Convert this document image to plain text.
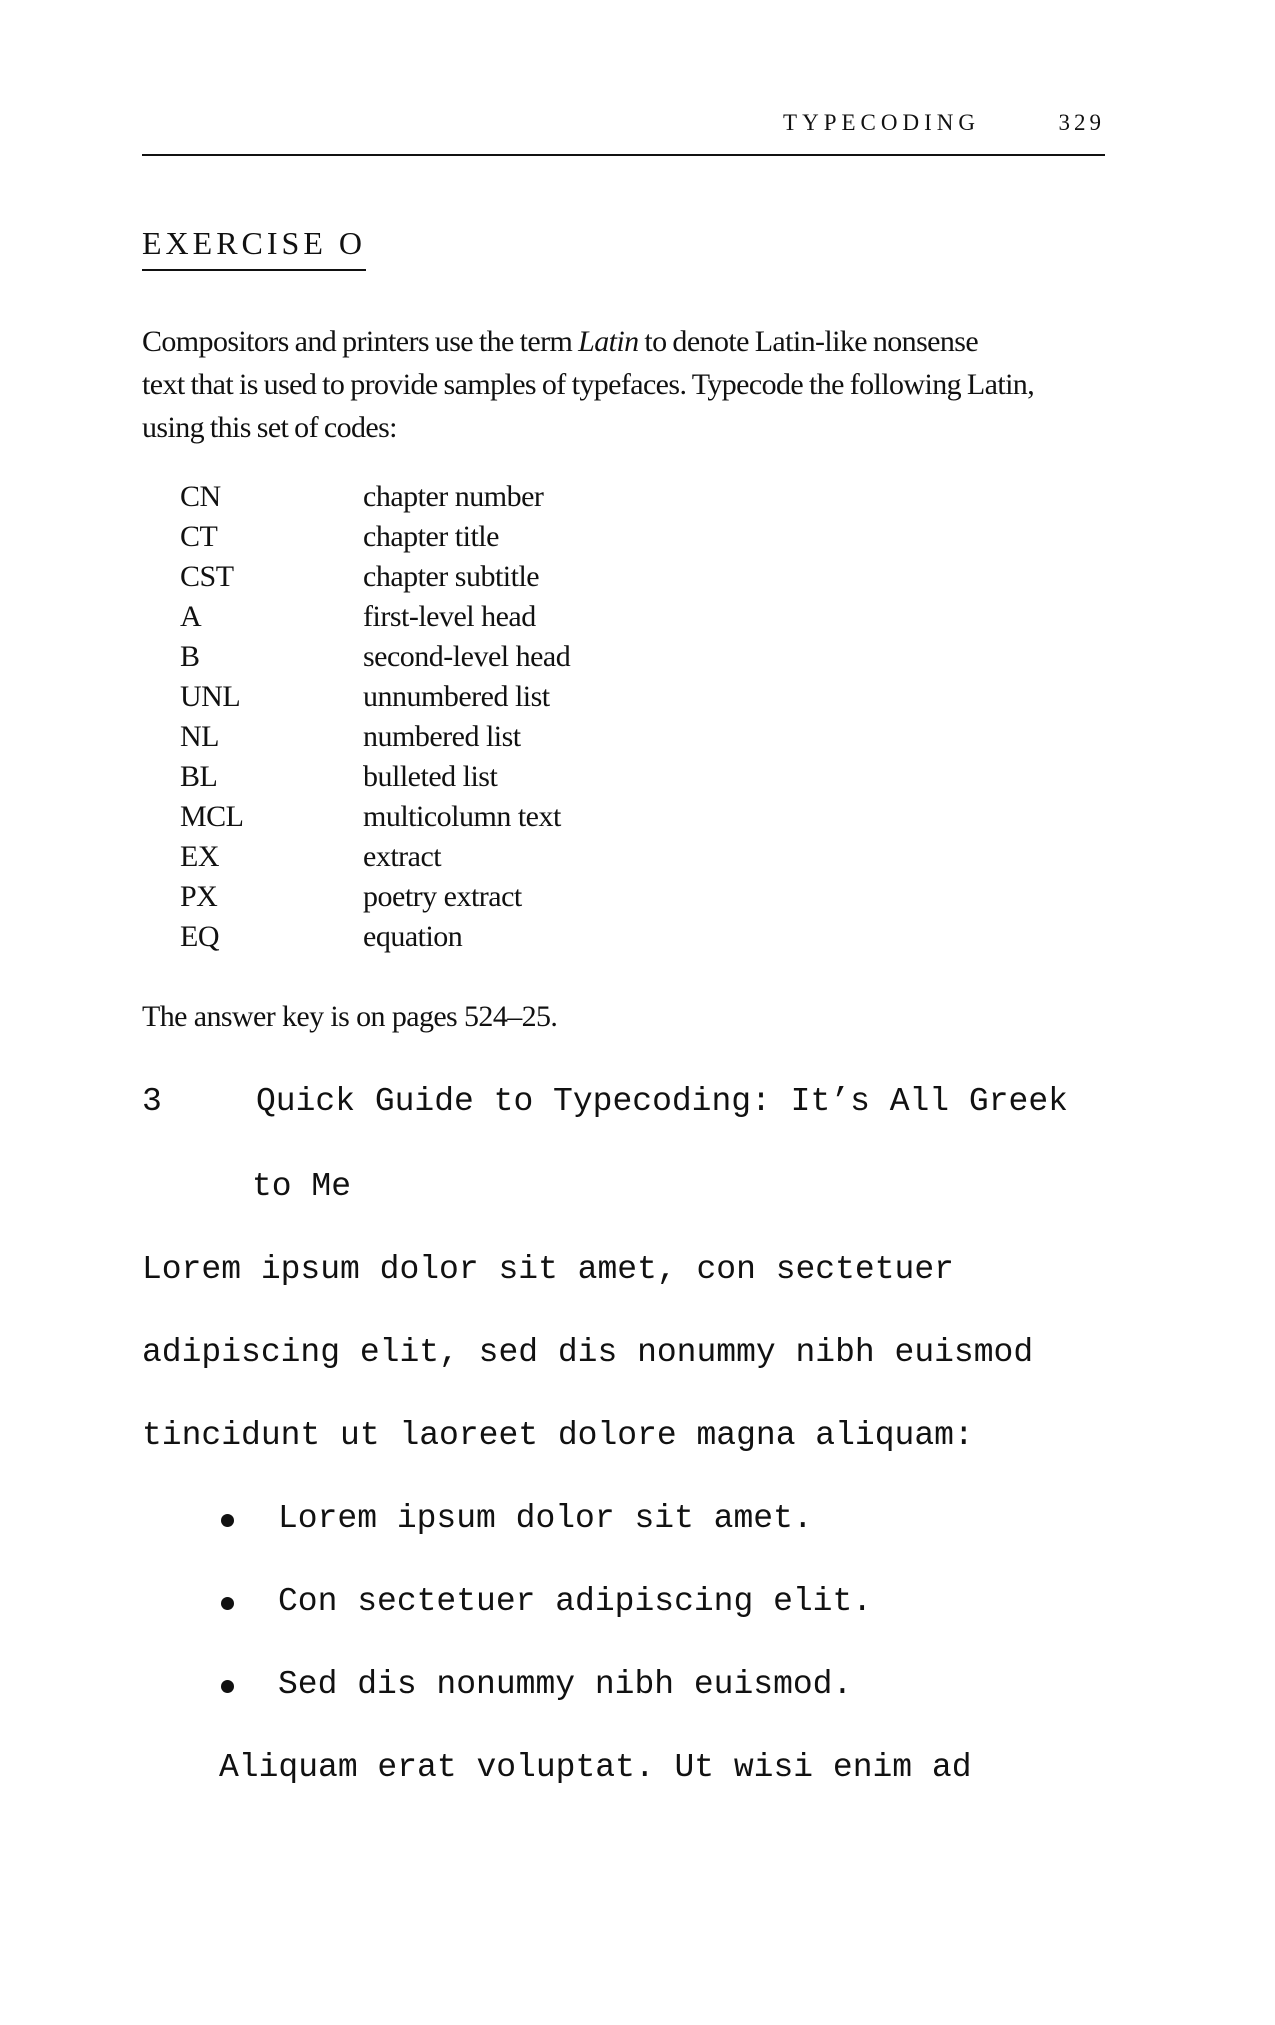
TYPECODING	329
EXERCISE O
Compositors and printers use the term Latin to denote Latin-like nonsense
text that is used to provide samples of typefaces. Typecode the following Latin,
using this set of codes:
CN	chapter number
CT	chapter title
CST	chapter subtitle
A	first-level head
B	second-level head
UNL	unnumbered list
NL	numbered list
BL	bulleted list
MCL	multicolumn text
EX	extract
PX	poetry extract
EQ	equation
The answer key is on pages 524–25.
3	Quick Guide to Typecoding: It’s All Greek
to Me
Lorem ipsum dolor sit amet, con sectetuer
adipiscing elit, sed dis nonummy nibh euismod
tincidunt ut laoreet dolore magna aliquam:
Lorem ipsum dolor sit amet.
Con sectetuer adipiscing elit.
Sed dis nonummy nibh euismod.
Aliquam erat voluptat. Ut wisi enim ad
